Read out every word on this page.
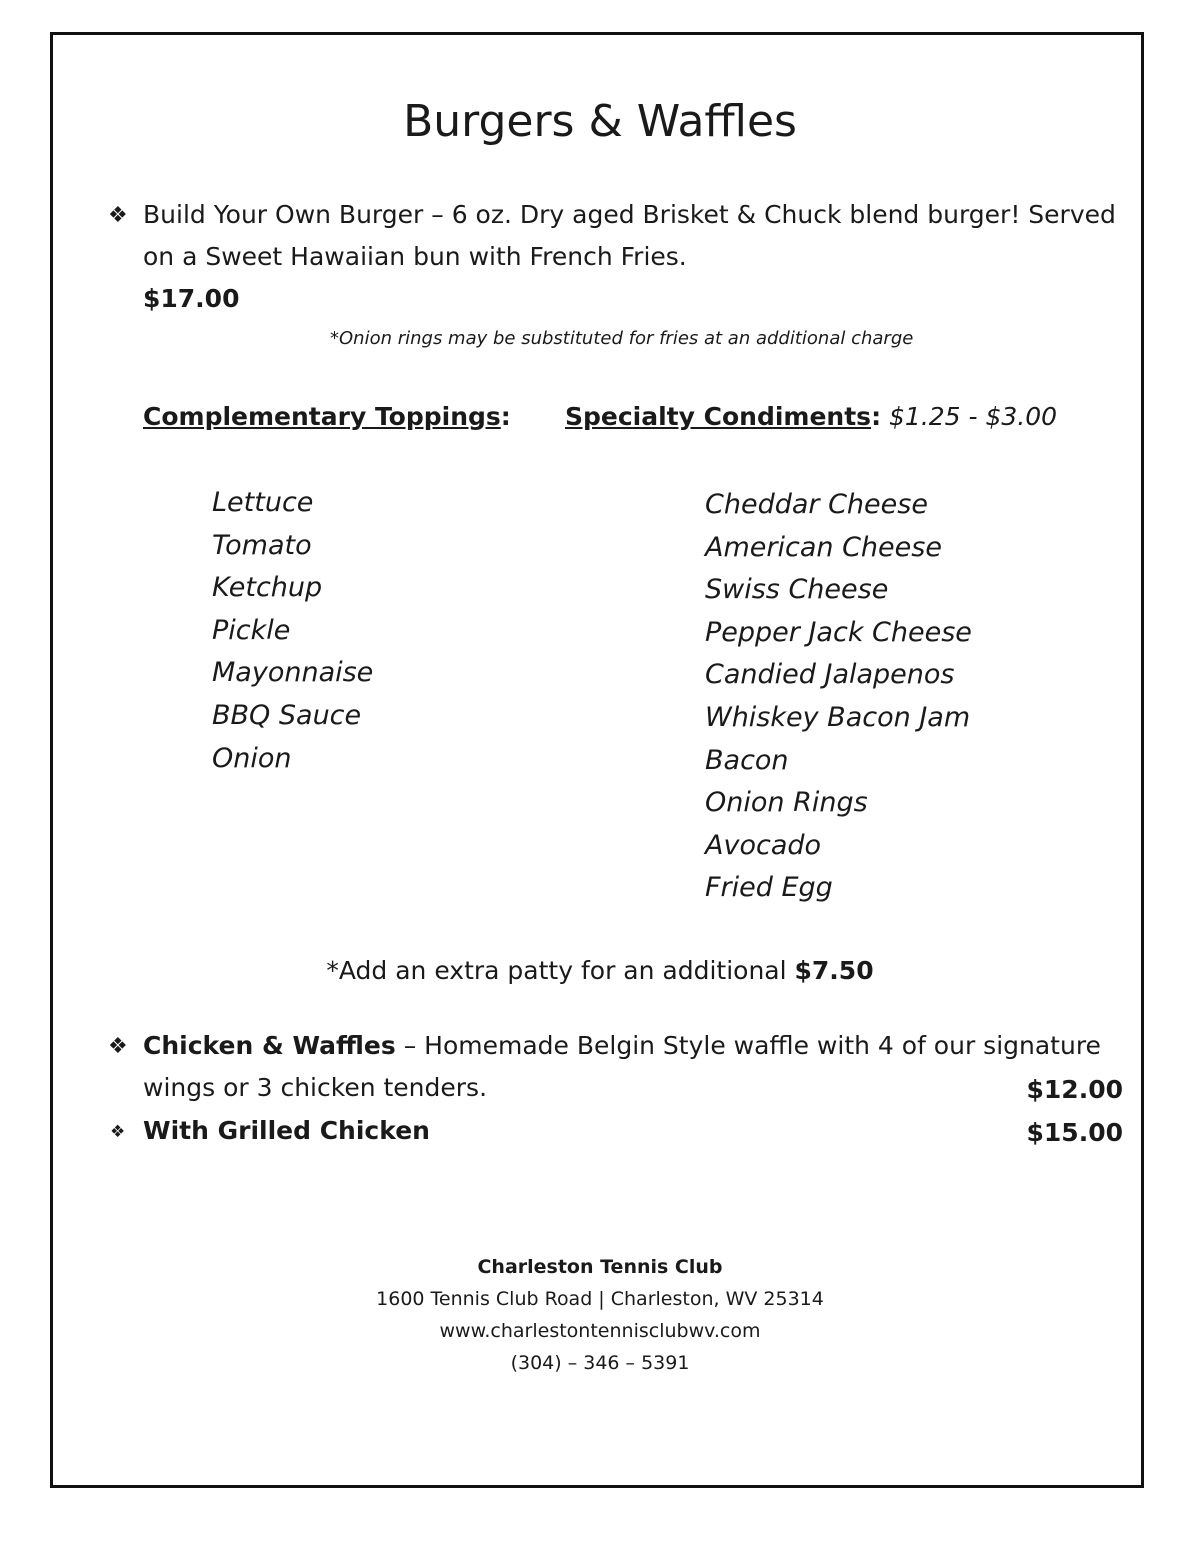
Burgers & Waffles
❖ Build Your Own Burger – 6 oz. Dry aged Brisket & Chuck blend burger! Served
on a Sweet Hawaiian bun with French Fries.
$17.00
*Onion rings may be substituted for fries at an additional charge
Complementary Toppings: Specialty Condiments: $1.25 - $3.00
Lettuce
Tomato
Ketchup
Pickle
Mayonnaise
BBQ Sauce
Onion
Cheddar Cheese
American Cheese
Swiss Cheese
Pepper Jack Cheese
Candied Jalapenos
Whiskey Bacon Jam
Bacon
Onion Rings
Avocado
Fried Egg
*Add an extra patty for an additional $7.50
❖ Chicken & Waffles – Homemade Belgin Style waffle with 4 of our signature
wings or 3 chicken tenders.	$12.00
❖ With Grilled Chicken	$15.00
Charleston Tennis Club
1600 Tennis Club Road | Charleston, WV 25314
www.charlestontennisclubwv.com
(304) – 346 – 5391
